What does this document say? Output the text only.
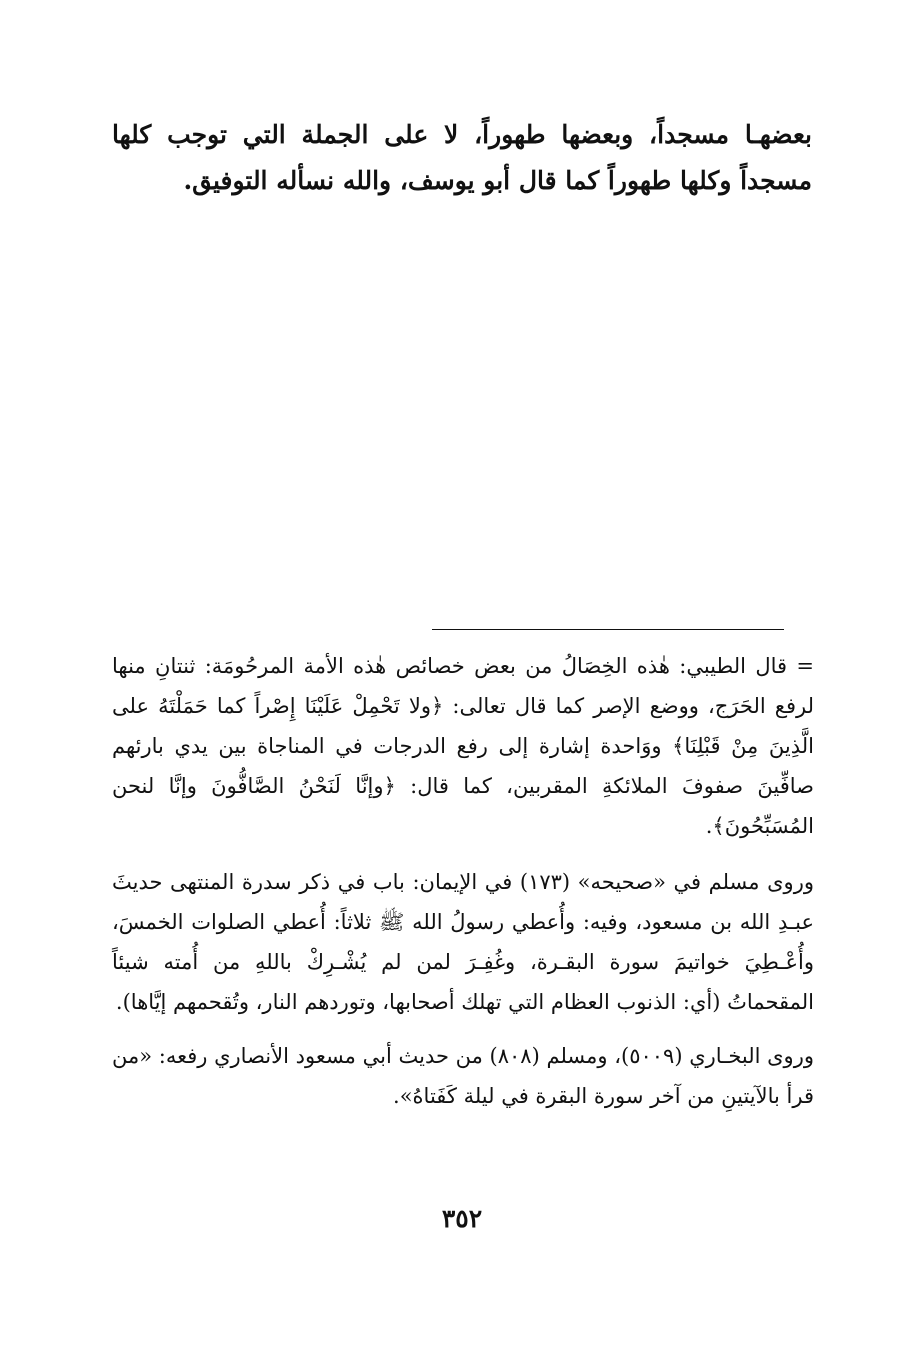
بعضهـا مسجداً، وبعضها طهوراً، لا على الجملة التي توجب كلها مسجداً وكلها طهوراً كما قال أبو يوسف، والله نسأله التوفيق.

= قال الطيبي: هٰذه الخِصَالُ من بعض خصائص هٰذه الأمة المرحُومَة: ثنتانِ منها لرفع الحَرَج، ووضع الإصر كما قال تعالى: ﴿ولا تَحْمِلْ عَلَيْنَا إِصْراً كما حَمَلْتَهُ على الَّذِينَ مِنْ قَبْلِنَا﴾ ووَاحدة إشارة إلى رفع الدرجات في المناجاة بين يدي بارئهم صافِّينَ صفوفَ الملائكةِ المقربين، كما قال: ﴿وإنَّا لَنَحْنُ الصَّافُّونَ وإنَّا لنحن المُسَبِّحُونَ﴾.

وروى مسلم في «صحيحه» (١٧٣) في الإيمان: باب في ذكر سدرة المنتهى حديثَ عبـدِ الله بن مسعود، وفيه: وأُعطي رسولُ الله ﷺ ثلاثاً: أُعطي الصلوات الخمسَ، وأُعْـطِيَ خواتيمَ سورة البقـرة، وغُفِـرَ لمن لم يُشْـرِكْ باللهِ من أُمته شيئاً المقحماتُ (أي: الذنوب العظام التي تهلك أصحابها، وتوردهم النار، وتُقحمهم إيَّاها).

وروى البخـاري (٥٠٠٩)، ومسلم (٨٠٨) من حديث أبي مسعود الأنصاري رفعه: «من قرأ بالآيتينِ من آخر سورة البقرة في ليلة كَفَتاهُ».

٣٥٢
